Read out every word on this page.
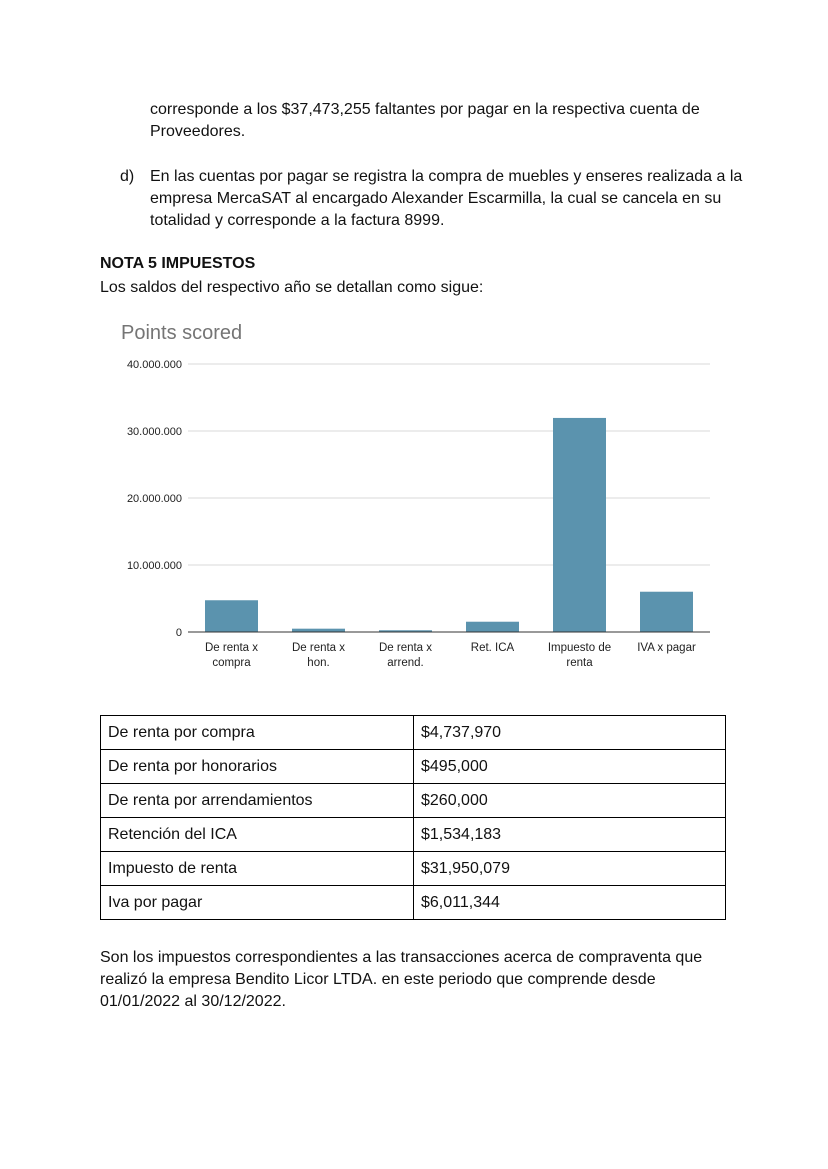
corresponde a los $37,473,255 faltantes por pagar en la respectiva cuenta de Proveedores.

d) En las cuentas por pagar se registra la compra de muebles y enseres realizada a la empresa MercaSAT al encargado Alexander Escarmilla, la cual se cancela en su totalidad y corresponde a la factura 8999.
NOTA 5 IMPUESTOS

Los saldos del respectivo año se detallan como sigue:

Points scored
0
10.000.000
20.000.000
30.000.000
40.000.000
De renta x
compra
De renta x
hon.
De renta x
arrend.
Ret. ICA	Impuesto de
renta
IVA x pagar
De renta por compra	$4,737,970
De renta por honorarios	$495,000
De renta por arrendamientos	$260,000
Retención del ICA	$1,534,183
Impuesto de renta	$31,950,079
Iva por pagar	$6,011,344

Son los impuestos correspondientes a las transacciones acerca de compraventa que realizó la empresa Bendito Licor LTDA. en este periodo que comprende desde 01/01/2022 al 30/12/2022.
